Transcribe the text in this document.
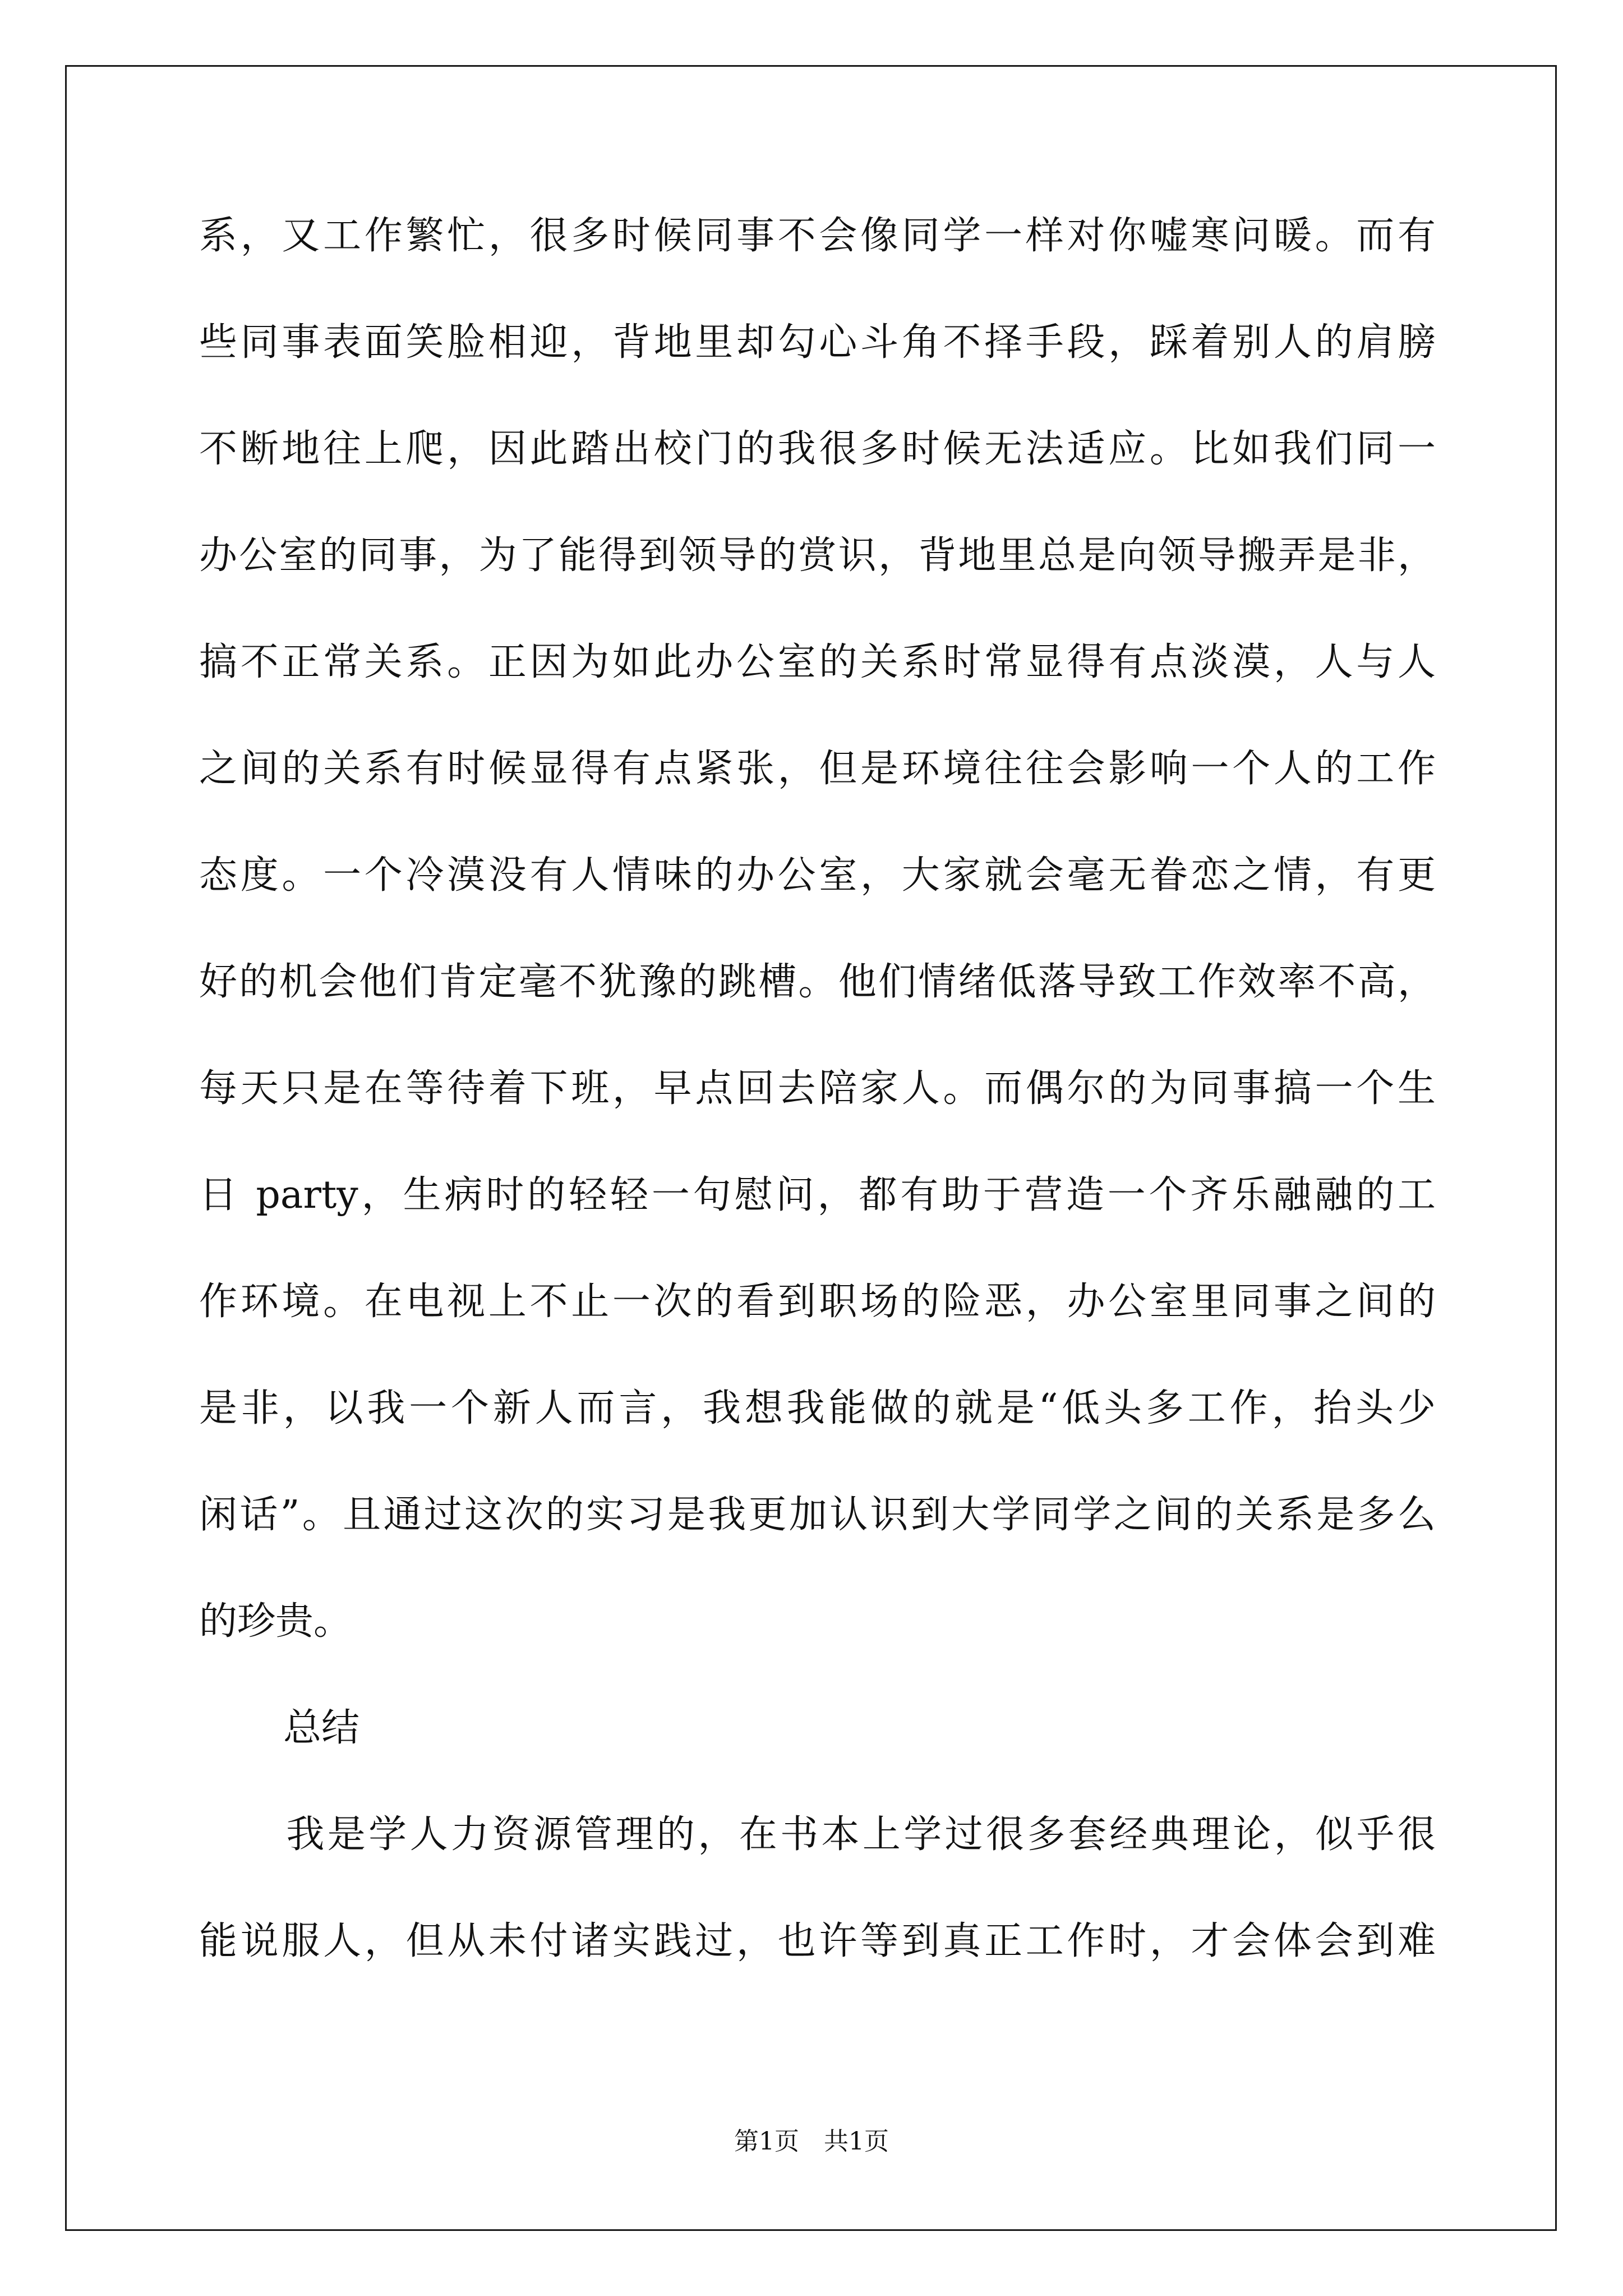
系，又工作繁忙，很多时候同事不会像同学一样对你嘘寒问暖。而有
些同事表面笑脸相迎，背地里却勾心斗角不择手段，踩着别人的肩膀
不断地往上爬，因此踏出校门的我很多时候无法适应。比如我们同一
办公室的同事，为了能得到领导的赏识，背地里总是向领导搬弄是非，
搞不正常关系。正因为如此办公室的关系时常显得有点淡漠，人与人
之间的关系有时候显得有点紧张，但是环境往往会影响一个人的工作
态度。一个冷漠没有人情味的办公室，大家就会毫无眷恋之情，有更
好的机会他们肯定毫不犹豫的跳槽。他们情绪低落导致工作效率不高，
每天只是在等待着下班，早点回去陪家人。而偶尔的为同事搞一个生
日 party，生病时的轻轻一句慰问，都有助于营造一个齐乐融融的工
作环境。在电视上不止一次的看到职场的险恶，办公室里同事之间的
是非，以我一个新人而言，我想我能做的就是“低头多工作，抬头少
闲话”。且通过这次的实习是我更加认识到大学同学之间的关系是多么
的珍贵。
总结
我是学人力资源管理的，在书本上学过很多套经典理论，似乎很
能说服人，但从未付诸实践过，也许等到真正工作时，才会体会到难
第1页　共1页
